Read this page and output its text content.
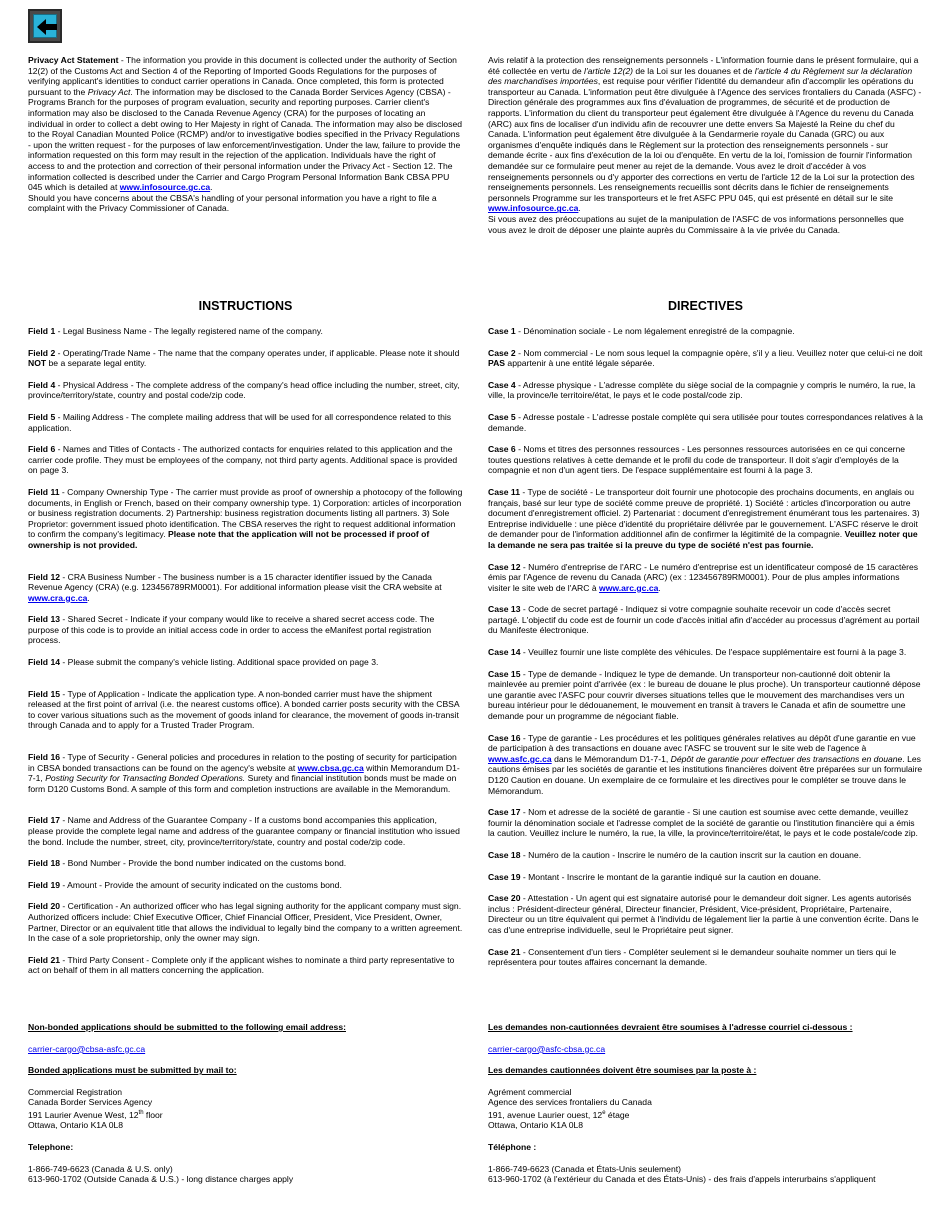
Privacy Act Statement - The information you provide in this document is collected under the authority of Section 12(2) of the Customs Act and Section 4 of the Reporting of Imported Goods Regulations for the purposes of verifying applicant's identities to conduct carrier operations in Canada. Once completed, this form is protected pursuant to the Privacy Act. The information may be disclosed to the Canada Border Services Agency (CBSA) - Programs Branch for the purposes of program evaluation, security and reporting purposes. Carrier client's information may also be disclosed to the Canada Revenue Agency (CRA) for the purposes of locating an individual in order to collect a debt owing to Her Majesty in right of Canada. The information may also be disclosed to the Royal Canadian Mounted Police (RCMP) and/or to investigative bodies specified in the Privacy Regulations - upon the written request - for the purposes of law enforcement/investigation. Under the law, failure to provide the information requested on this form may result in the rejection of the application. Individuals have the right of access to and the protection and correction of their personal information under the Privacy Act - Section 12. The information collected is described under the Carrier and Cargo Program Personal Information Bank CBSA PPU 045 which is detailed at www.infosource.gc.ca.

Should you have concerns about the CBSA's handling of your personal information you have a right to file a complaint with the Privacy Commissioner of Canada.

Avis relatif à la protection des renseignements personnels - L'information fournie dans le présent formulaire, qui a été collectée en vertu de l'article 12(2) de la Loi sur les douanes et de l'article 4 du Règlement sur la déclaration des marchandises importées, est requise pour vérifier l'identité du demandeur afin d'accomplir les opérations du transporteur au Canada. L'information peut être divulguée à l'Agence des services frontaliers du Canada (ASFC) - Direction générale des programmes aux fins d'évaluation de programmes, de sécurité et de production de rapports. L'information du client du transporteur peut également être divulguée à l'Agence du revenu du Canada (ARC) aux fins de localiser d'un individu afin de recouvrer une dette envers Sa Majesté la Reine du chef du Canada. L'information peut également être divulguée à la Gendarmerie royale du Canada (GRC) ou aux organismes d'enquête indiqués dans le Règlement sur la protection des renseignements personnels - sur demande écrite - aux fins d'exécution de la loi ou d'enquête. En vertu de la loi, l'omission de fournir l'information demandée sur ce formulaire peut mener au rejet de la demande. Vous avez le droit d'accéder à vos renseignements personnels ou d'y apporter des corrections en vertu de l'article 12 de la Loi sur la protection des renseignements personnels. Les renseignements recueillis sont décrits dans le fichier de renseignements personnels Programme sur les transporteurs et le fret ASFC PPU 045, qui est présenté en détail sur le site www.infosource.gc.ca.

Si vous avez des préoccupations au sujet de la manipulation de l'ASFC de vos informations personnelles que vous avez le droit de déposer une plainte auprès du Commissaire à la vie privée du Canada.

INSTRUCTIONS	DIRECTIVES

Field 1 - Legal Business Name - The legally registered name of the company.

Field 2 - Operating/Trade Name - The name that the company operates under, if applicable. Please note it should NOT be a separate legal entity.

Field 4 - Physical Address - The complete address of the company's head office including the number, street, city, province/territory/state, country and postal code/zip code.

Field 5 - Mailing Address - The complete mailing address that will be used for all correspondence related to this application.

Field 6 - Names and Titles of Contacts - The authorized contacts for enquiries related to this application and the carrier code profile. They must be employees of the company, not third party agents. Additional space is provided on page 3.

Field 11 - Company Ownership Type - The carrier must provide as proof of ownership a photocopy of the following documents, in English or French, based on their company ownership type. 1) Corporation: articles of incorporation or business registration documents. 2) Partnership: business registration documents listing all partners. 3) Sole Proprietor: government issued photo identification. The CBSA reserves the right to request additional information to confirm the company's legitimacy. Please note that the application will not be processed if proof of ownership is not provided.

Field 12 - CRA Business Number - The business number is a 15 character identifier issued by the Canada Revenue Agency (CRA) (e.g. 123456789RM0001). For additional information please visit the CRA website at www.cra.gc.ca.

Field 13 - Shared Secret - Indicate if your company would like to receive a shared secret access code. The purpose of this code is to provide an initial access code in order to access the eManifest portal registration process.

Field 14 - Please submit the company's vehicle listing. Additional space provided on page 3.

Field 15 - Type of Application - Indicate the application type. A non-bonded carrier must have the shipment released at the first point of arrival (i.e. the nearest customs office). A bonded carrier posts security with the CBSA to cover various situations such as the movement of goods inland for clearance, the movement of goods in-transit through Canada and to apply for a Trusted Trader Program.

Field 16 - Type of Security - General policies and procedures in relation to the posting of security for participation in CBSA bonded transactions can be found on the agency's website at www.cbsa.gc.ca within Memorandum D1-7-1, Posting Security for Transacting Bonded Operations. Surety and financial institution bonds must be made on form D120 Customs Bond. A sample of this form and completion instructions are available in the Memorandum.

Field 17 - Name and Address of the Guarantee Company - If a customs bond accompanies this application, please provide the complete legal name and address of the guarantee company or financial institution who issued the bond. Include the number, street, city, province/territory/state, country and postal code/zip code.

Field 18 - Bond Number - Provide the bond number indicated on the customs bond.

Field 19 - Amount - Provide the amount of security indicated on the customs bond.

Field 20 - Certification - An authorized officer who has legal signing authority for the applicant company must sign. Authorized officers include: Chief Executive Officer, Chief Financial Officer, President, Vice President, Owner, Partner, Director or an equivalent title that allows the individual to legally bind the company to a written agreement. In the case of a sole proprietorship, only the owner may sign.

Field 21 - Third Party Consent - Complete only if the applicant wishes to nominate a third party representative to act on behalf of them in all matters concerning the application.

Case 1 - Dénomination sociale - Le nom légalement enregistré de la compagnie.

Case 2 - Nom commercial - Le nom sous lequel la compagnie opère, s'il y a lieu. Veuillez noter que celui-ci ne doit PAS appartenir à une entité légale séparée.

Case 4 - Adresse physique - L'adresse complète du siège social de la compagnie y compris le numéro, la rue, la ville, la province/le territoire/état, le pays et le code postal/code zip.

Case 5 - Adresse postale - L'adresse postale complète qui sera utilisée pour toutes correspondances relatives à la demande.

Case 6 - Noms et titres des personnes ressources - Les personnes ressources autorisées en ce qui concerne toutes questions relatives à cette demande et le profil du code de transporteur. Il doit s'agir d'employés de la compagnie et non d'un agent tiers. De l'espace supplémentaire est fourni à la page 3.

Case 11 - Type de société - Le transporteur doit fournir une photocopie des prochains documents, en anglais ou français, basé sur leur type de société comme preuve de propriété. 1) Société : articles d'incorporation ou autre document d'enregistrement officiel. 2) Partenariat : document d'enregistrement énumérant tous les partenaires. 3) Entreprise individuelle : une pièce d'identité du propriétaire délivrée par le gouvernement. L'ASFC réserve le droit de demander pour de l'information additionnel afin de confirmer la légitimité de la compagnie. Veuillez noter que la demande ne sera pas traitée si la preuve du type de société n'est pas fournie.

Case 12 - Numéro d'entreprise de l'ARC - Le numéro d'entreprise est un identificateur composé de 15 caractères émis par l'Agence de revenu du Canada (ARC) (ex : 123456789RM0001). Pour de plus amples informations visiter le site web de l'ARC à www.arc.gc.ca.

Case 13 - Code de secret partagé - Indiquez si votre compagnie souhaite recevoir un code d'accès secret partagé. L'objectif du code est de fournir un code d'accès initial afin d'accéder au processus d'agrément au portail du Manifeste électronique.

Case 14 - Veuillez fournir une liste complète des véhicules. De l'espace supplémentaire est fourni à la page 3.

Case 15 - Type de demande - Indiquez le type de demande. Un transporteur non-cautionné doit obtenir la mainlevée au premier point d'arrivée (ex : le bureau de douane le plus proche). Un transporteur cautionné dépose une garantie avec l'ASFC pour couvrir diverses situations telles que le mouvement des marchandises vers un bureau intérieur pour le dédouanement, le mouvement en transit à travers le Canada et afin de soumettre une demande pour un programme de négociant fiable.

Case 16 - Type de garantie - Les procédures et les politiques générales relatives au dépôt d'une garantie en vue de participation à des transactions en douane avec l'ASFC se trouvent sur le site web de l'agence à www.asfc.gc.ca dans le Mémorandum D1-7-1, Dépôt de garantie pour effectuer des transactions en douane. Les cautions émises par les sociétés de garantie et les institutions financières doivent être préparées sur un formulaire D120 Caution en douane. Un exemplaire de ce formulaire et les directives pour le compléter se trouve dans le Mémorandum.

Case 17 - Nom et adresse de la société de garantie - Si une caution est soumise avec cette demande, veuillez fournir la dénomination sociale et l'adresse complet de la société de garantie ou l'institution financière qui a émis la caution. Veuillez inclure le numéro, la rue, la ville, la province/territoire/état, le pays et le code postale/code zip.

Case 18 - Numéro de la caution - Inscrire le numéro de la caution inscrit sur la caution en douane.

Case 19 - Montant - Inscrire le montant de la garantie indiqué sur la caution en douane.

Case 20 - Attestation - Un agent qui est signataire autorisé pour le demandeur doit signer. Les agents autorisés inclus : Président-directeur général, Directeur financier, Président, Vice-président, Propriétaire, Partenaire, Directeur ou un titre équivalent qui permet à l'individu de légalement lier la partie à une convention écrite. Dans le cas d'une entreprise individuelle, seul le Propriétaire peut signer.

Case 21 - Consentement d'un tiers - Compléter seulement si le demandeur souhaite nommer un tiers qui le représentera pour toutes affaires concernant la demande.

Non-bonded applications should be submitted to the following email address:

carrier-cargo@cbsa-asfc.gc.ca

Bonded applications must be submitted by mail to:

Commercial Registration

Canada Border Services Agency

191 Laurier Avenue West, 12th floor

Ottawa, Ontario K1A 0L8

Telephone:

1-866-749-6623 (Canada & U.S. only)

613-960-1702 (Outside Canada & U.S.) - long distance charges apply

Les demandes non-cautionnées devraient être soumises à l'adresse courriel ci-dessous :

carrier-cargo@asfc-cbsa.gc.ca

Les demandes cautionnées doivent être soumises par la poste à :

Agrément commercial

Agence des services frontaliers du Canada

191, avenue Laurier ouest, 12e étage

Ottawa, Ontario K1A 0L8

Téléphone :

1-866-749-6623 (Canada et États-Unis seulement)

613-960-1702 (à l'extérieur du Canada et des États-Unis) - des frais d'appels interurbains s'appliquent
